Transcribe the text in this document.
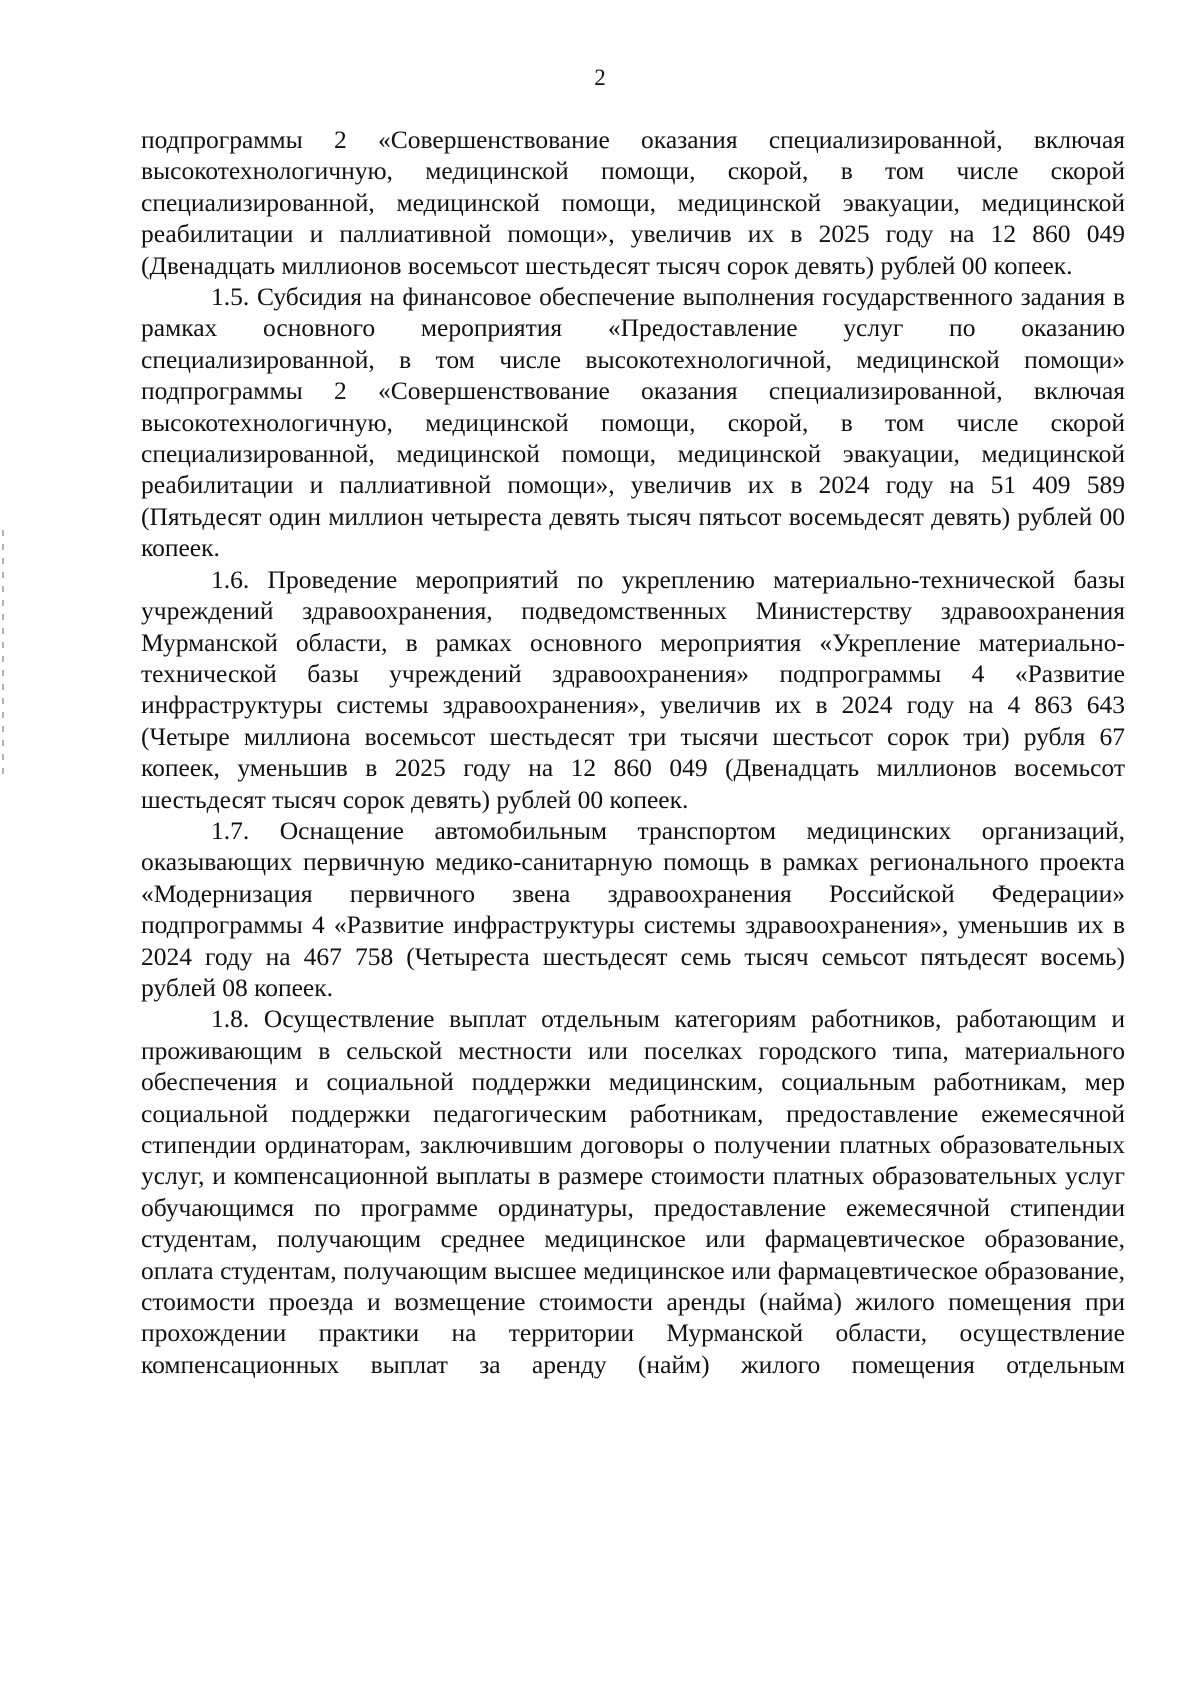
2

подпрограммы 2 «Совершенствование оказания специализированной, включая высокотехнологичную, медицинской помощи, скорой, в том числе скорой специализированной, медицинской помощи, медицинской эвакуации, медицинской реабилитации и паллиативной помощи», увеличив их в 2025 году на 12 860 049 (Двенадцать миллионов восемьсот шестьдесят тысяч сорок девять) рублей 00 копеек.

1.5. Субсидия на финансовое обеспечение выполнения государственного задания в рамках основного мероприятия «Предоставление услуг по оказанию специализированной, в том числе высокотехнологичной, медицинской помощи» подпрограммы 2 «Совершенствование оказания специализированной, включая высокотехнологичную, медицинской помощи, скорой, в том числе скорой специализированной, медицинской помощи, медицинской эвакуации, медицинской реабилитации и паллиативной помощи», увеличив их в 2024 году на 51 409 589 (Пятьдесят один миллион четыреста девять тысяч пятьсот восемьдесят девять) рублей 00 копеек.

1.6. Проведение мероприятий по укреплению материально-технической базы учреждений здравоохранения, подведомственных Министерству здравоохранения Мурманской области, в рамках основного мероприятия «Укрепление материально-технической базы учреждений здравоохранения» подпрограммы 4 «Развитие инфраструктуры системы здравоохранения», увеличив их в 2024 году на 4 863 643 (Четыре миллиона восемьсот шестьдесят три тысячи шестьсот сорок три) рубля 67 копеек, уменьшив в 2025 году на 12 860 049 (Двенадцать миллионов восемьсот шестьдесят тысяч сорок девять) рублей 00 копеек.

1.7. Оснащение автомобильным транспортом медицинских организаций, оказывающих первичную медико-санитарную помощь в рамках регионального проекта «Модернизация первичного звена здравоохранения Российской Федерации» подпрограммы 4 «Развитие инфраструктуры системы здравоохранения», уменьшив их в 2024 году на 467 758 (Четыреста шестьдесят семь тысяч семьсот пятьдесят восемь) рублей 08 копеек.

1.8. Осуществление выплат отдельным категориям работников, работающим и проживающим в сельской местности или поселках городского типа, материального обеспечения и социальной поддержки медицинским, социальным работникам, мер социальной поддержки педагогическим работникам, предоставление ежемесячной стипендии ординаторам, заключившим договоры о получении платных образовательных услуг, и компенсационной выплаты в размере стоимости платных образовательных услуг обучающимся по программе ординатуры, предоставление ежемесячной стипендии студентам, получающим среднее медицинское или фармацевтическое образование, оплата студентам, получающим высшее медицинское или фармацевтическое образование, стоимости проезда и возмещение стоимости аренды (найма) жилого помещения при прохождении практики на территории Мурманской области, осуществление компенсационных выплат за аренду (найм) жилого помещения отдельным
